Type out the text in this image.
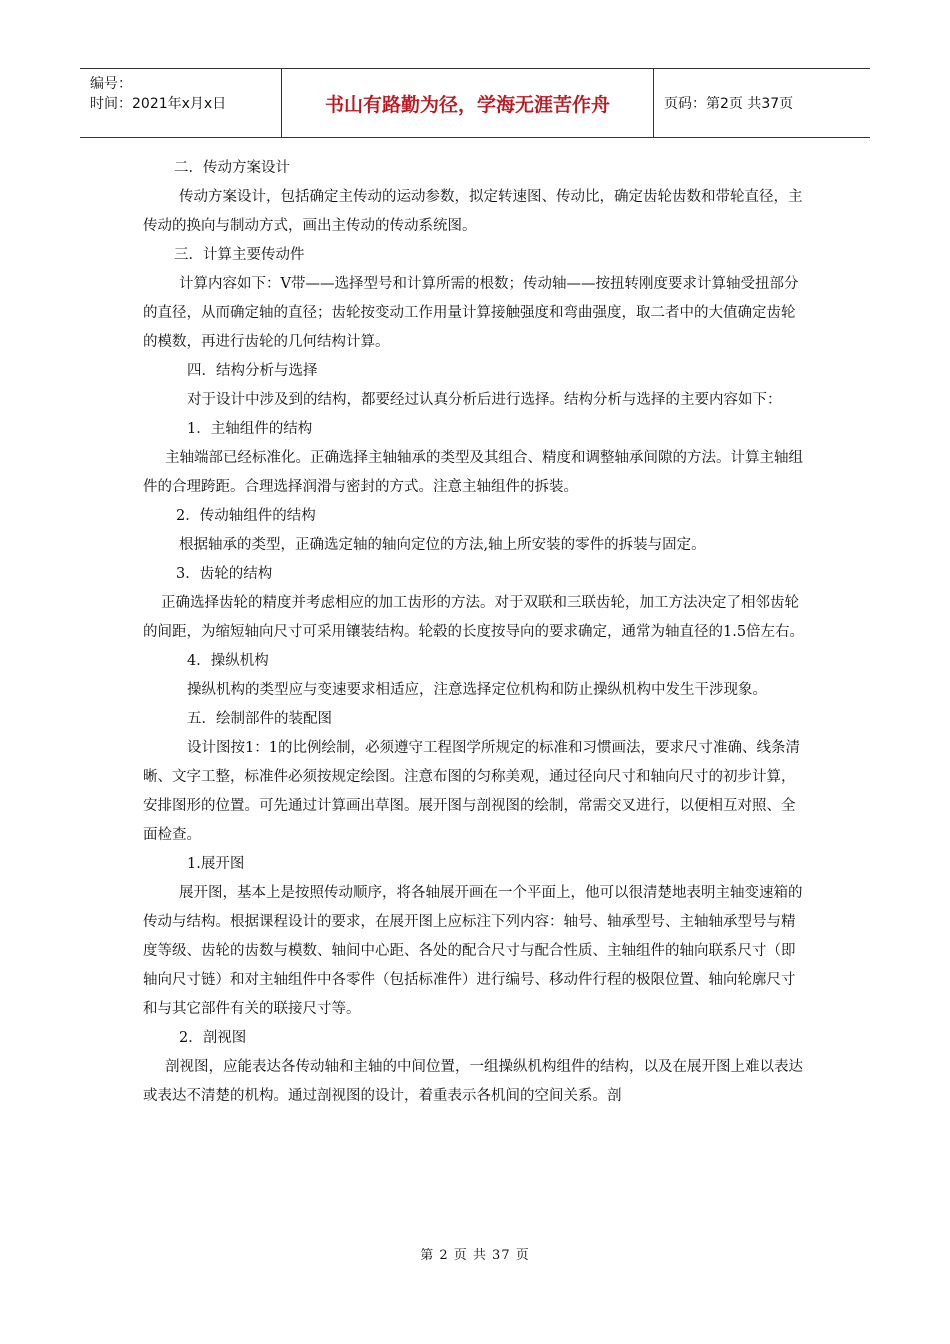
编号：
时间：2021年x月x日	书山有路勤为径，学海无涯苦作舟	页码：第2页 共37页

二．传动方案设计

传动方案设计，包括确定主传动的运动参数，拟定转速图、传动比，确定齿轮齿数和带轮直径，主传动的换向与制动方式，画出主传动的传动系统图。

三．计算主要传动件

计算内容如下：V带——选择型号和计算所需的根数；传动轴——按扭转刚度要求计算轴受扭部分的直径，从而确定轴的直径；齿轮按变动工作用量计算接触强度和弯曲强度，取二者中的大值确定齿轮的模数，再进行齿轮的几何结构计算。

四．结构分析与选择

对于设计中涉及到的结构，都要经过认真分析后进行选择。结构分析与选择的主要内容如下：

1．主轴组件的结构

主轴端部已经标准化。正确选择主轴轴承的类型及其组合、精度和调整轴承间隙的方法。计算主轴组件的合理跨距。合理选择润滑与密封的方式。注意主轴组件的拆装。

2．传动轴组件的结构

根据轴承的类型，正确选定轴的轴向定位的方法,轴上所安装的零件的拆装与固定。

3．齿轮的结构

正确选择齿轮的精度并考虑相应的加工齿形的方法。对于双联和三联齿轮，加工方法决定了相邻齿轮的间距，为缩短轴向尺寸可采用镶装结构。轮毂的长度按导向的要求确定，通常为轴直径的1.5倍左右。

4．操纵机构

操纵机构的类型应与变速要求相适应，注意选择定位机构和防止操纵机构中发生干涉现象。

五．绘制部件的装配图

设计图按1：1的比例绘制，必须遵守工程图学所规定的标准和习惯画法，要求尺寸准确、线条清晰、文字工整，标准件必须按规定绘图。注意布图的匀称美观，通过径向尺寸和轴向尺寸的初步计算，安排图形的位置。可先通过计算画出草图。展开图与剖视图的绘制，常需交叉进行，以便相互对照、全面检查。

1.展开图

展开图，基本上是按照传动顺序，将各轴展开画在一个平面上，他可以很清楚地表明主轴变速箱的传动与结构。根据课程设计的要求，在展开图上应标注下列内容：轴号、轴承型号、主轴轴承型号与精度等级、齿轮的齿数与模数、轴间中心距、各处的配合尺寸与配合性质、主轴组件的轴向联系尺寸（即轴向尺寸链）和对主轴组件中各零件（包括标准件）进行编号、移动件行程的极限位置、轴向轮廓尺寸和与其它部件有关的联接尺寸等。

2．剖视图

剖视图，应能表达各传动轴和主轴的中间位置，一组操纵机构组件的结构，以及在展开图上难以表达或表达不清楚的机构。通过剖视图的设计，着重表示各机间的空间关系。剖

第 2 页 共 37 页
